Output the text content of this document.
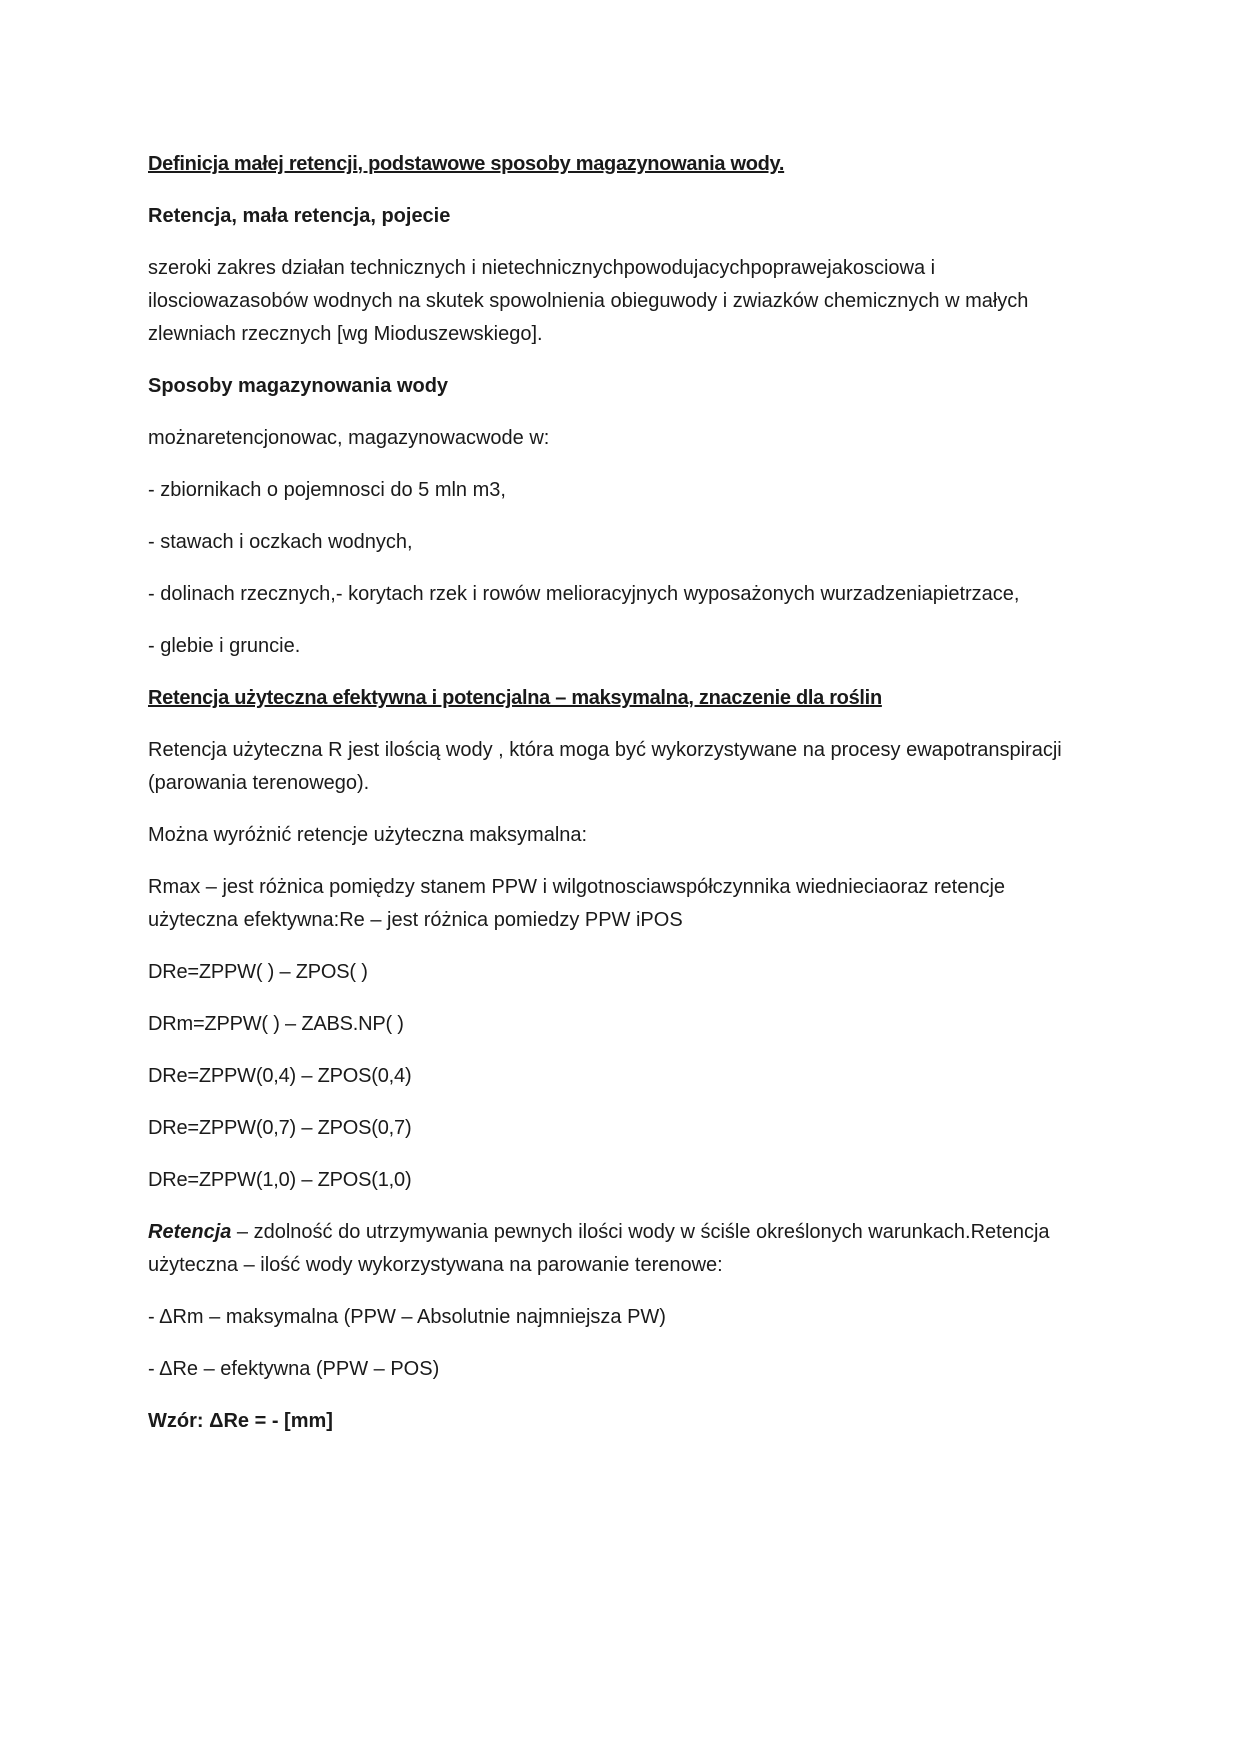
Definicja małej retencji, podstawowe sposoby magazynowania wody.

Retencja, mała retencja, pojecie

szeroki zakres działan technicznych i nietechnicznychpowodujacychpoprawejakosciowa i ilosciowazasobów wodnych na skutek spowolnienia obieguwody i zwiazków chemicznych w małych zlewniach rzecznych [wg Mioduszewskiego].

Sposoby magazynowania wody

możnaretencjonowac, magazynowacwode w:

- zbiornikach o pojemnosci do 5 mln m3,

- stawach i oczkach wodnych,

- dolinach rzecznych,- korytach rzek i rowów melioracyjnych wyposażonych wurzadzeniapietrzace,

- glebie i gruncie.

Retencja użyteczna efektywna i potencjalna – maksymalna, znaczenie dla roślin

Retencja użyteczna R jest ilością wody , która moga być wykorzystywane na procesy ewapotranspiracji (parowania terenowego).

Można wyróżnić retencje użyteczna maksymalna:

Rmax – jest różnica pomiędzy stanem PPW i wilgotnosciawspółczynnika wiednieciaoraz retencje użyteczna efektywna:Re – jest różnica pomiedzy PPW iPOS

DRe=ZPPW( ) – ZPOS( )

DRm=ZPPW( ) – ZABS.NP( )

DRe=ZPPW(0,4) – ZPOS(0,4)

DRe=ZPPW(0,7) – ZPOS(0,7)

DRe=ZPPW(1,0) – ZPOS(1,0)

Retencja – zdolność do utrzymywania pewnych ilości wody w ściśle określonych warunkach.Retencja użyteczna – ilość wody wykorzystywana na parowanie terenowe:

- ΔRm – maksymalna (PPW – Absolutnie najmniejsza PW)

- ΔRe – efektywna (PPW – POS)

Wzór: ΔRe = - [mm]
